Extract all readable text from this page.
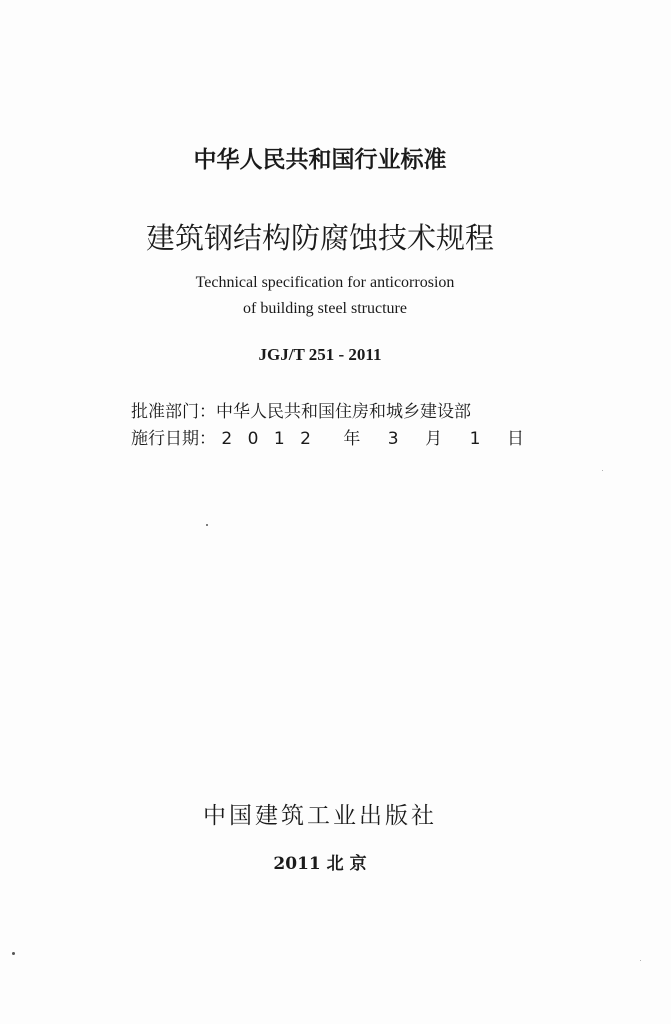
中华人民共和国行业标准
建筑钢结构防腐蚀技术规程
Technical specification for anticorrosion
of building steel structure
JGJ/T 251 - 2011
批准部门：中华人民共和国住房和城乡建设部
施行日期： 2 0 1 2 年 3 月 1 日
中国建筑工业出版社
2011 北 京
